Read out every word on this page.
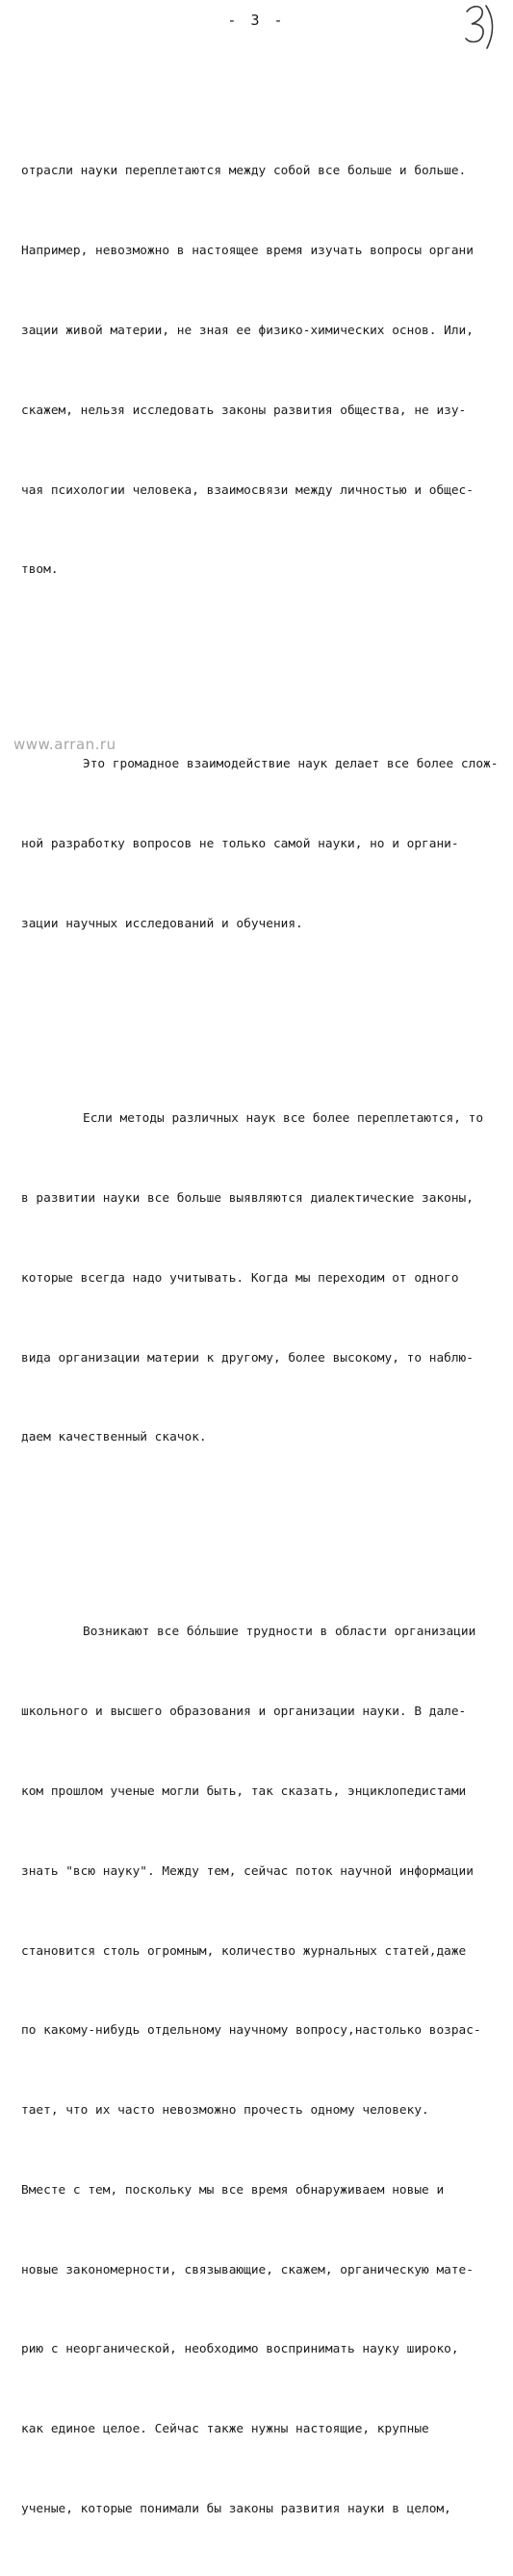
- 3 -

отрасли науки переплетаются между собой все больше и больше.

Например, невозможно в настоящее время изучать вопросы органи

зации живой материи, не зная ее физико-химических основ. Или,

скажем, нельзя исследовать законы развития общества, не изу-

чая психологии человека, взаимосвязи между личностью и общес-

твом.

Это громадное взаимодействие наук делает все более слож-

ной разработку вопросов не только самой науки, но и органи-

зации научных исследований и обучения.

Если методы различных наук все более переплетаются, то

в развитии науки все больше выявляются диалектические законы,

которые всегда надо учитывать. Когда мы переходим от одного

вида организации материи к другому, более высокому, то наблю-

даем качественный скачок.

Возникают все бóльшие трудности в области организации

школьного и высшего образования и организации науки. В дале-

ком прошлом ученые могли быть, так сказать, энциклопедистами

знать "всю науку". Между тем, сейчас поток научной информации

становится столь огромным, количество журнальных статей,даже

по какому-нибудь отдельному научному вопросу,настолько возрас-

тает, что их часто невозможно прочесть одному человеку.

Вместе с тем, поскольку мы все время обнаруживаем новые и

новые закономерности, связывающие, скажем, органическую мате-

рию с неорганической, необходимо воспринимать науку широко,

как единое целое. Сейчас также нужны настоящие, крупные

ученые, которые понимали бы законы развития науки в целом,

www.arran.ru
